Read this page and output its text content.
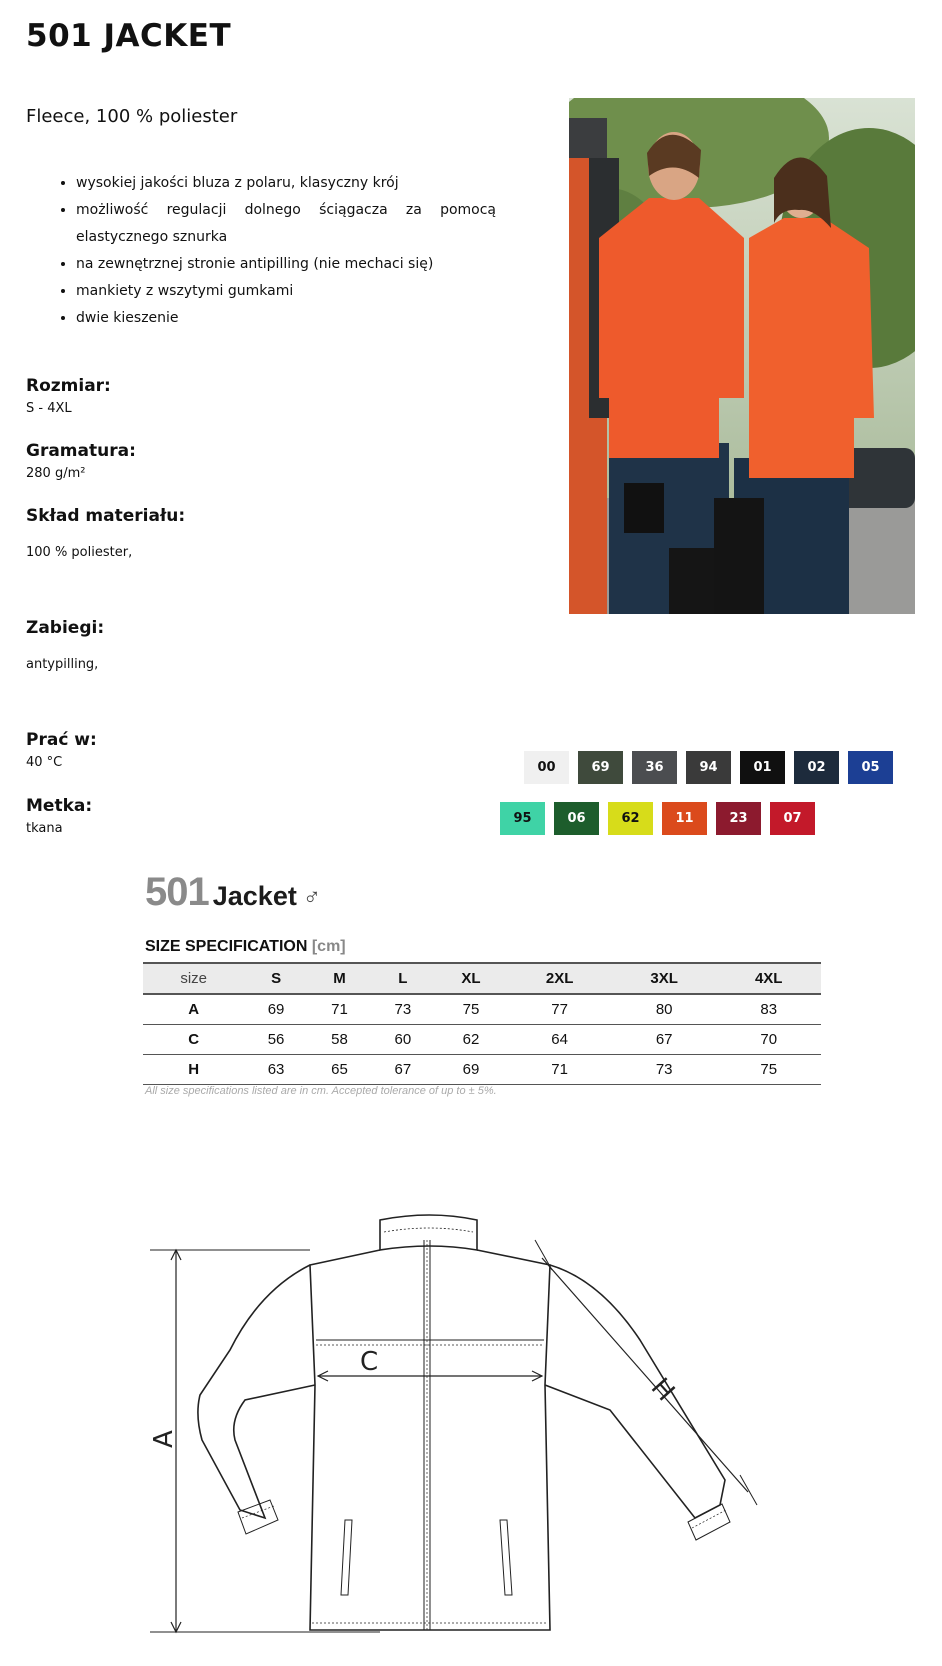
501 JACKET
Fleece, 100 % poliester
• wysokiej jakości bluza z polaru, klasyczny krój
• możliwość regulacji dolnego ściągacza za pomocą elastycznego sznurka
• na zewnętrznej stronie antipilling (nie mechaci się)
• mankiety z wszytymi gumkami
• dwie kieszenie
Rozmiar:
S - 4XL
Gramatura:
280 g/m²
Skład materiału:
100 % poliester,
Zabiegi:
antypilling,
Prać w:
40 °C
Metka:
tkana
00	69	36	94	01	02	05
95	06	62	11	23	07
501 Jacket ♂
SIZE SPECIFICATION [cm]
size	S	M	L	XL	2XL	3XL	4XL
A	69	71	73	75	77	80	83
C	56	58	60	62	64	67	70
H	63	65	67	69	71	73	75
All size specifications listed are in cm. Accepted tolerance of up to ± 5%.
A
C
H
